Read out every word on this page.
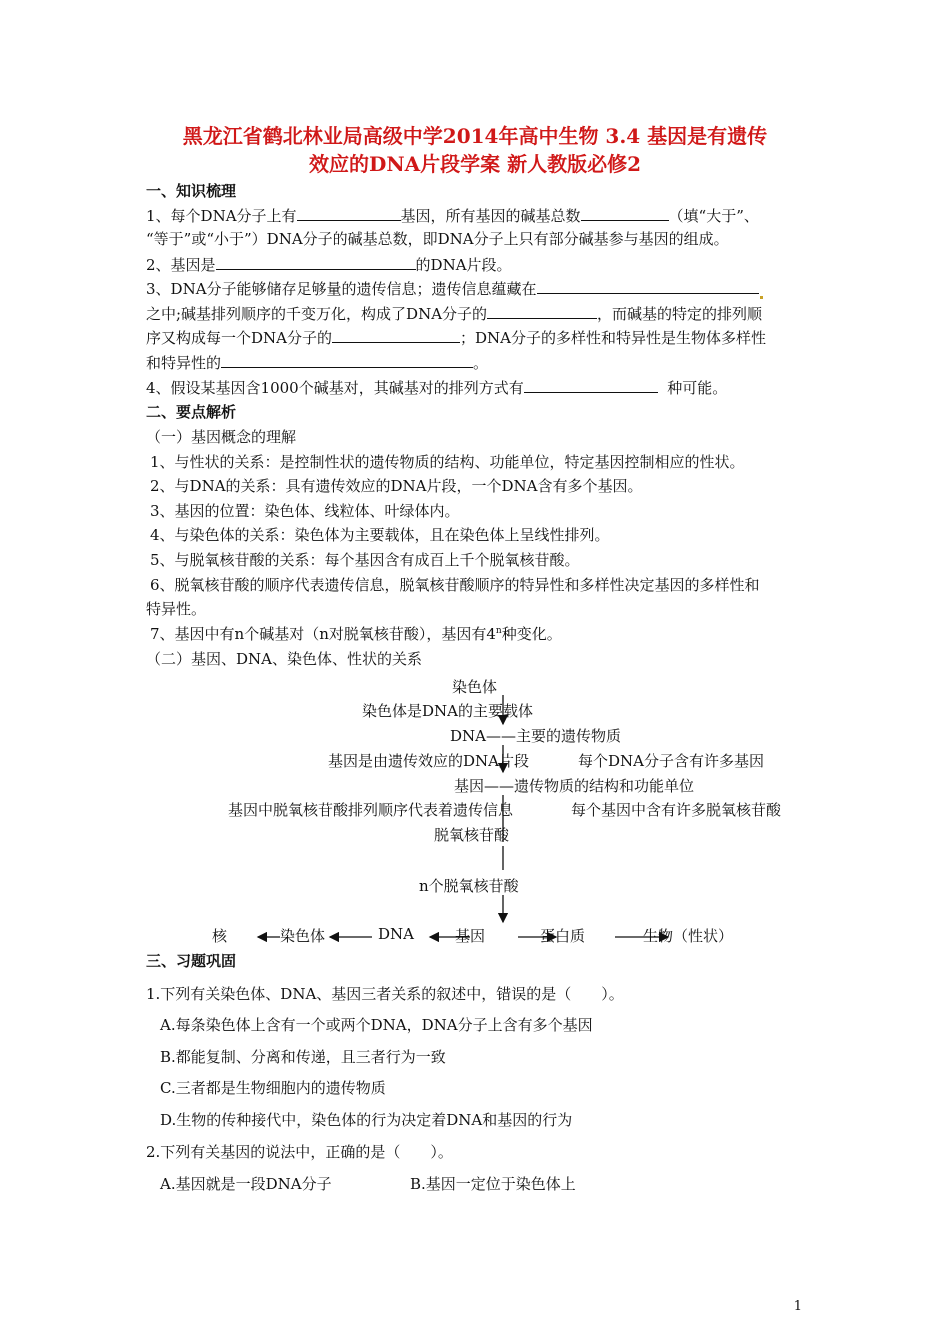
黑龙江省鹤北林业局高级中学2014年高中生物 3.4 基因是有遗传
效应的DNA片段学案 新人教版必修2
一、知识梳理
1、每个DNA分子上有	基因，所有基因的碱基总数	（填“大于”、
“等于”或“小于”）DNA分子的碱基总数，即DNA分子上只有部分碱基参与基因的组成。
2、基因是	的DNA片段。
3、DNA分子能够储存足够量的遗传信息；遗传信息蕴藏在
之中;碱基排列顺序的千变万化，构成了DNA分子的	，而碱基的特定的排列顺
序又构成每一个DNA分子的	；DNA分子的多样性和特异性是生物体多样性
和特异性的	。
4、假设某基因含1000个碱基对，其碱基对的排列方式有	种可能。
二、要点解析
（一）基因概念的理解
1、与性状的关系：是控制性状的遗传物质的结构、功能单位，特定基因控制相应的性状。
2、与DNA的关系：具有遗传效应的DNA片段，一个DNA含有多个基因。
3、基因的位置：染色体、线粒体、叶绿体内。
4、与染色体的关系：染色体为主要载体，且在染色体上呈线性排列。
5、与脱氧核苷酸的关系：每个基因含有成百上千个脱氧核苷酸。
6、脱氧核苷酸的顺序代表遗传信息，脱氧核苷酸顺序的特异性和多样性决定基因的多样性和
特异性。
7、基因中有n个碱基对（n对脱氧核苷酸），基因有4$^n$种变化。
（二）基因、DNA、染色体、性状的关系
染色体
染色体是DNA的主要载体
DNA——主要的遗传物质
基因是由遗传效应的DNA片段	每个DNA分子含有许多基因
基因——遗传物质的结构和功能单位
基因中脱氧核苷酸排列顺序代表着遗传信息	每个基因中含有许多脱氧核苷酸
脱氧核苷酸
n个脱氧核苷酸
核	染色体	DNA	基因	蛋白质	生物（性状）
三、习题巩固
1.下列有关染色体、DNA、基因三者关系的叙述中，错误的是（　　）。
A.每条染色体上含有一个或两个DNA，DNA分子上含有多个基因
B.都能复制、分离和传递，且三者行为一致
C.三者都是生物细胞内的遗传物质
D.生物的传种接代中，染色体的行为决定着DNA和基因的行为
2.下列有关基因的说法中，正确的是（　　）。
A.基因就是一段DNA分子	B.基因一定位于染色体上
1
